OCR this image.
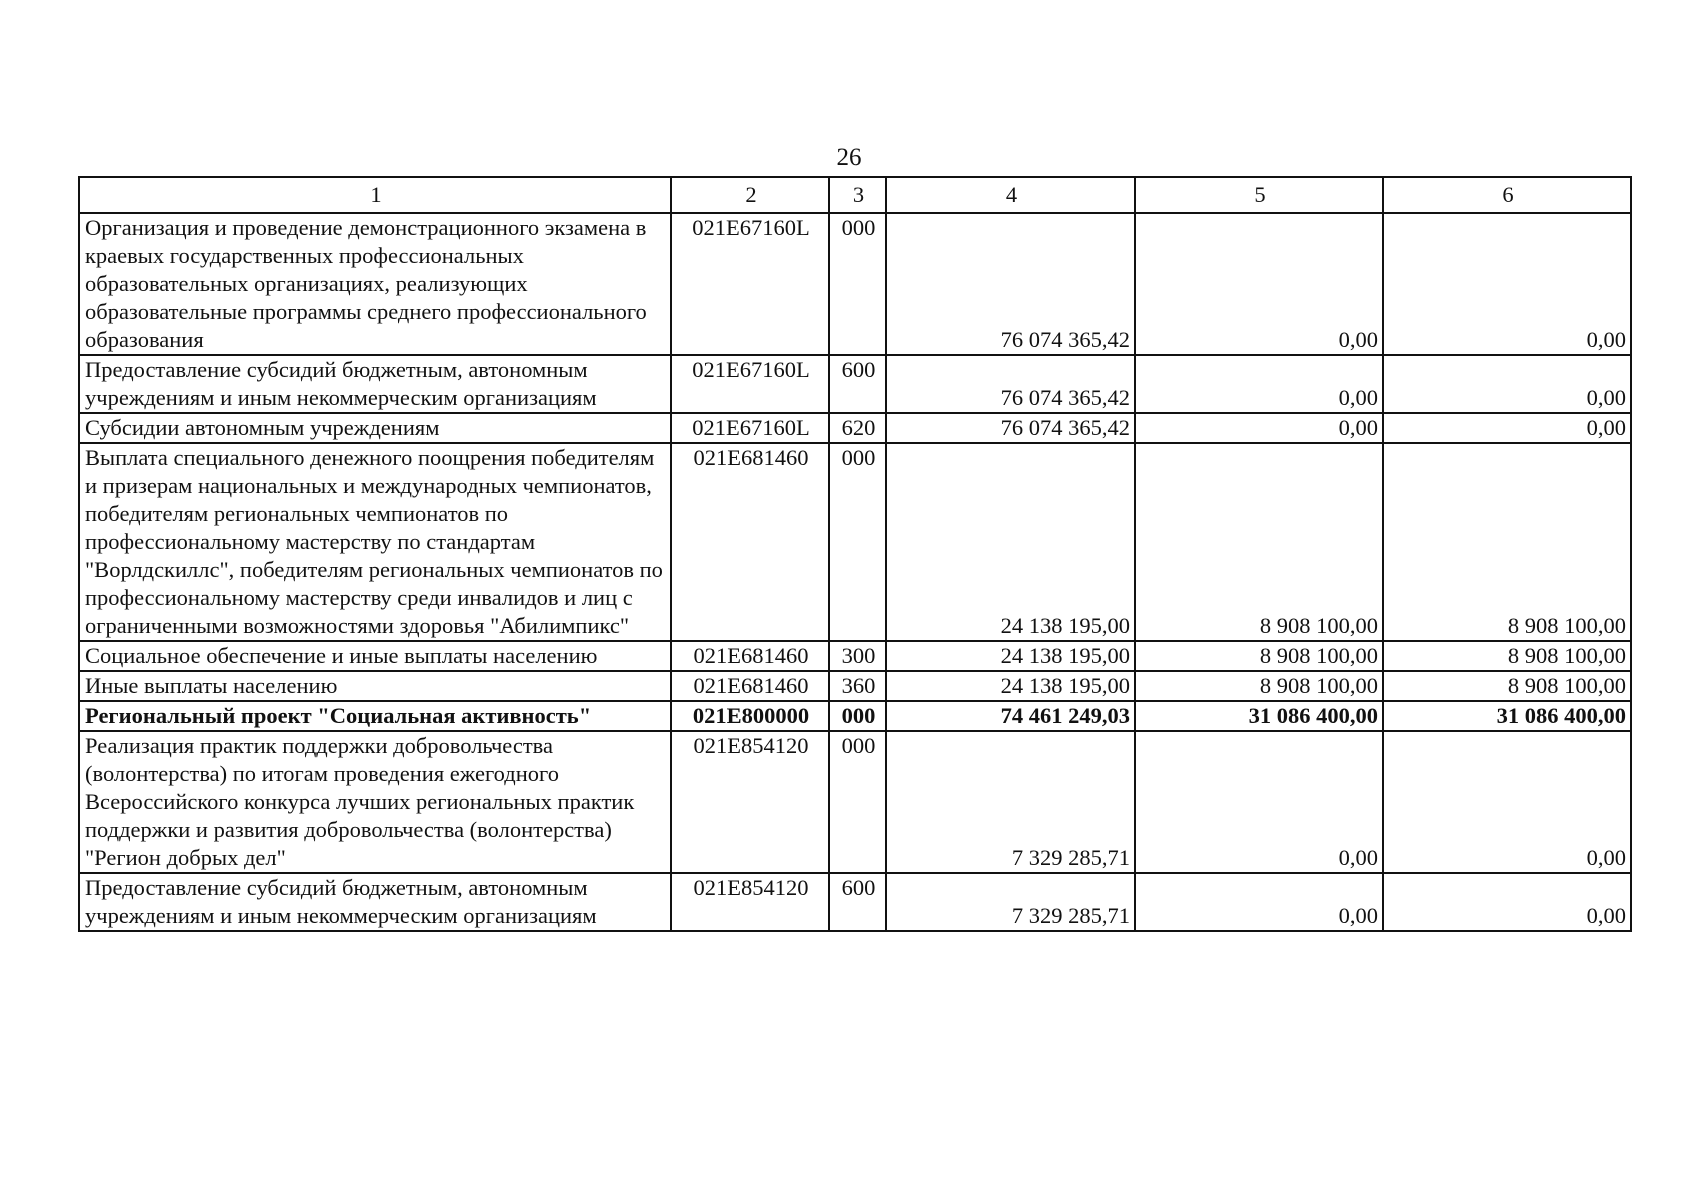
26
1	2	3	4	5	6
Организация и проведение демонстрационного экзамена в краевых государственных профессиональных образовательных организациях, реализующих образовательные программы среднего профессионального образования	021E67160L	000	76 074 365,42	0,00	0,00
Предоставление субсидий бюджетным, автономным учреждениям и иным некоммерческим организациям	021E67160L	600	76 074 365,42	0,00	0,00
Субсидии автономным учреждениям	021E67160L	620	76 074 365,42	0,00	0,00
Выплата специального денежного поощрения победителям и призерам национальных и международных чемпионатов, победителям региональных чемпионатов по профессиональному мастерству по стандартам "Ворлдскиллс", победителям региональных чемпионатов по профессиональному мастерству среди инвалидов и лиц с ограниченными возможностями здоровья "Абилимпикс"	021E681460	000	24 138 195,00	8 908 100,00	8 908 100,00
Социальное обеспечение и иные выплаты населению	021E681460	300	24 138 195,00	8 908 100,00	8 908 100,00
Иные выплаты населению	021E681460	360	24 138 195,00	8 908 100,00	8 908 100,00
Региональный проект "Социальная активность"	021E800000	000	74 461 249,03	31 086 400,00	31 086 400,00
Реализация практик поддержки добровольчества (волонтерства) по итогам проведения ежегодного Всероссийского конкурса лучших региональных практик поддержки и развития добровольчества (волонтерства) "Регион добрых дел"	021E854120	000	7 329 285,71	0,00	0,00
Предоставление субсидий бюджетным, автономным учреждениям и иным некоммерческим организациям	021E854120	600	7 329 285,71	0,00	0,00
